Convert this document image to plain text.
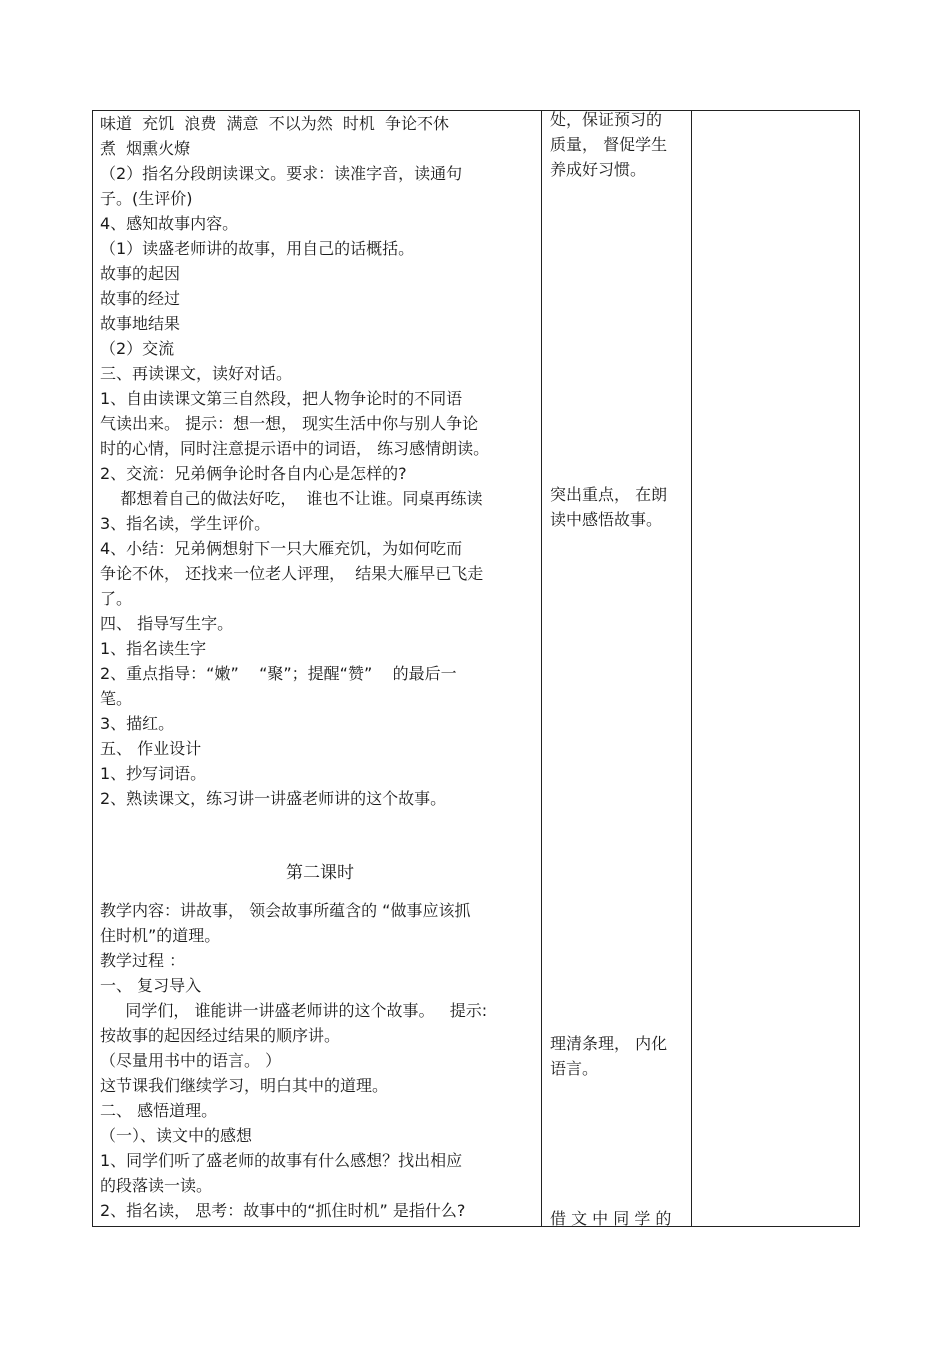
味道  充饥  浪费  满意  不以为然  时机  争论不休
煮  烟熏火燎
（2）指名分段朗读课文。要求：读准字音，读通句
子。(生评价)
4、感知故事内容。
（1）读盛老师讲的故事，用自己的话概括。
故事的起因
故事的经过
故事地结果
（2）交流
三、再读课文，读好对话。
1、自由读课文第三自然段，把人物争论时的不同语
气读出来。 提示：想一想， 现实生活中你与别人争论
时的心情，同时注意提示语中的词语， 练习感情朗读。
2、交流：兄弟俩争论时各自内心是怎样的?
都想着自己的做法好吃，  谁也不让谁。同桌再练读
3、指名读，学生评价。
4、小结：兄弟俩想射下一只大雁充饥，为如何吃而
争论不休， 还找来一位老人评理，  结果大雁早已飞走
了。
四、 指导写生字。
1、指名读生字
2、重点指导：“嫩”    “聚”；提醒“赞”    的最后一
笔。
3、描红。
五、 作业设计
1、抄写词语。
2、熟读课文，练习讲一讲盛老师讲的这个故事。
第二课时
教学内容：讲故事， 领会故事所蕴含的 “做事应该抓
住时机”的道理。
教学过程 ：
一、 复习导入
同学们， 谁能讲一讲盛老师讲的这个故事。   提示:
按故事的起因经过结果的顺序讲。
（尽量用书中的语言。 ）
这节课我们继续学习，明白其中的道理。
二、 感悟道理。
（一）、读文中的感想
1、同学们听了盛老师的故事有什么感想？找出相应
的段落读一读。
2、指名读， 思考：故事中的“抓住时机” 是指什么?
处，保证预习的
质量， 督促学生
养成好习惯。
突出重点， 在朗
读中感悟故事。
理清条理， 内化
语言。
借 文 中 同 学 的
